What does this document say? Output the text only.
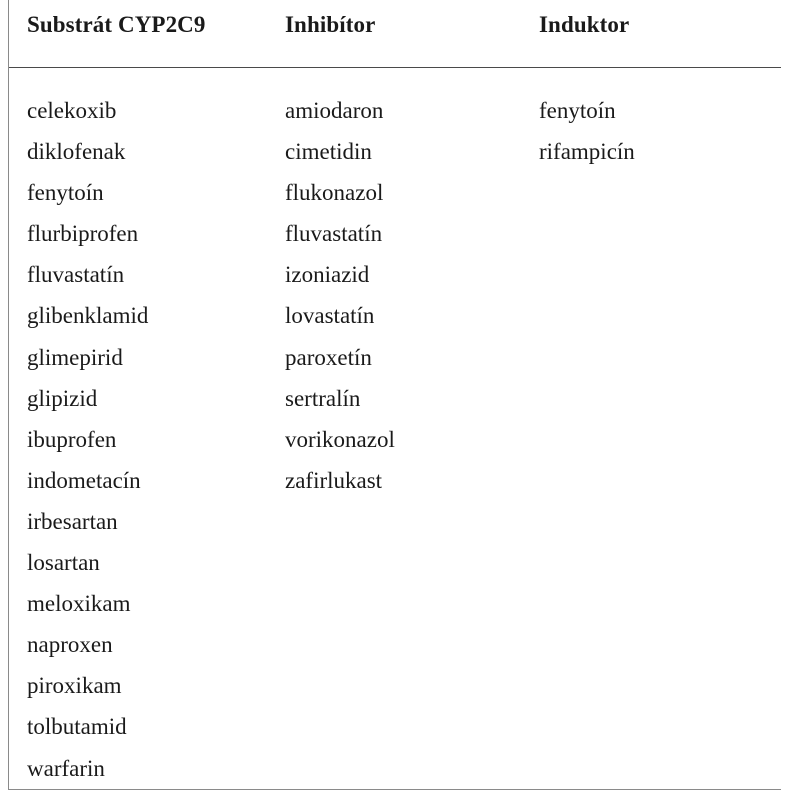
Substrát CYP2C9	Inhibítor	Induktor
celekoxib
diklofenak
fenytoín
flurbiprofen
fluvastatín
glibenklamid
glimepirid
glipizid
ibuprofen
indometacín
irbesartan
losartan
meloxikam
naproxen
piroxikam
tolbutamid
warfarin
amiodaron
cimetidin
flukonazol
fluvastatín
izoniazid
lovastatín
paroxetín
sertralín
vorikonazol
zafirlukast
fenytoín
rifampicín
